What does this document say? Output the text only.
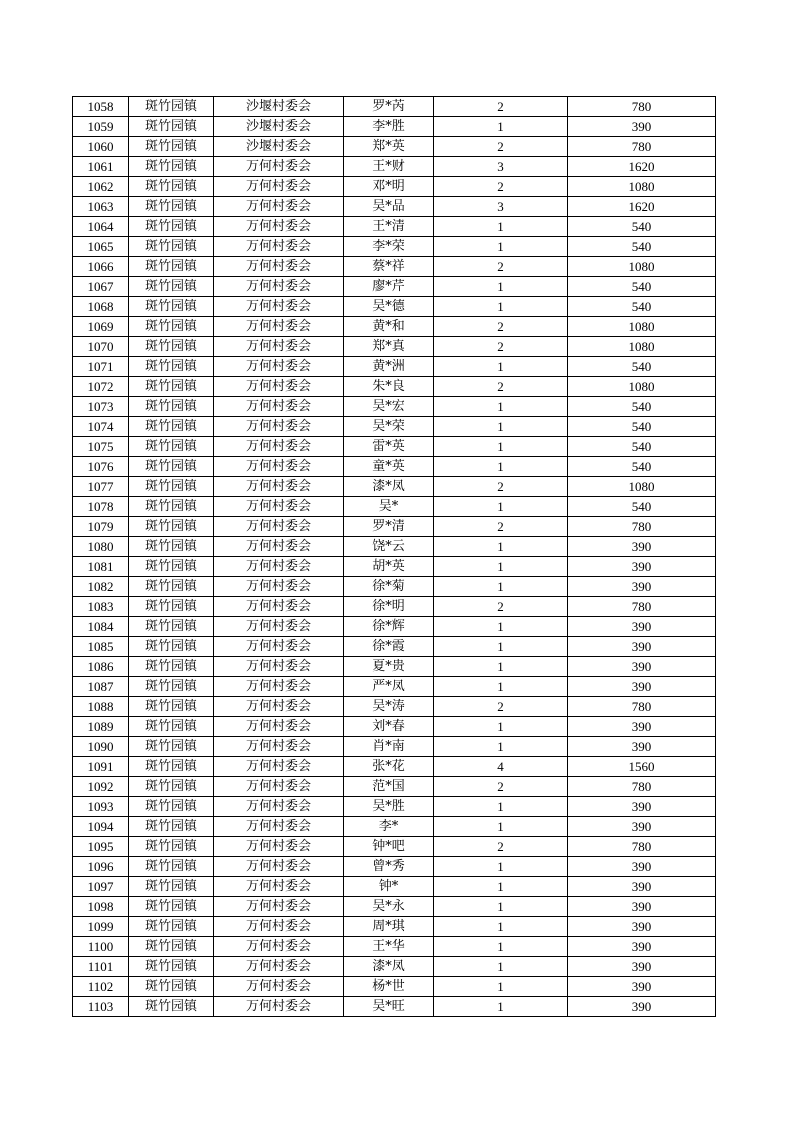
1058	斑竹园镇	沙堰村委会	罗*芮	2	780
1059	斑竹园镇	沙堰村委会	李*胜	1	390
1060	斑竹园镇	沙堰村委会	郑*英	2	780
1061	斑竹园镇	万何村委会	王*财	3	1620
1062	斑竹园镇	万何村委会	邓*明	2	1080
1063	斑竹园镇	万何村委会	吴*品	3	1620
1064	斑竹园镇	万何村委会	王*清	1	540
1065	斑竹园镇	万何村委会	李*荣	1	540
1066	斑竹园镇	万何村委会	蔡*祥	2	1080
1067	斑竹园镇	万何村委会	廖*芹	1	540
1068	斑竹园镇	万何村委会	吴*德	1	540
1069	斑竹园镇	万何村委会	黄*和	2	1080
1070	斑竹园镇	万何村委会	郑*真	2	1080
1071	斑竹园镇	万何村委会	黄*洲	1	540
1072	斑竹园镇	万何村委会	朱*良	2	1080
1073	斑竹园镇	万何村委会	吴*宏	1	540
1074	斑竹园镇	万何村委会	吴*荣	1	540
1075	斑竹园镇	万何村委会	雷*英	1	540
1076	斑竹园镇	万何村委会	童*英	1	540
1077	斑竹园镇	万何村委会	漆*凤	2	1080
1078	斑竹园镇	万何村委会	吴*	1	540
1079	斑竹园镇	万何村委会	罗*清	2	780
1080	斑竹园镇	万何村委会	饶*云	1	390
1081	斑竹园镇	万何村委会	胡*英	1	390
1082	斑竹园镇	万何村委会	徐*菊	1	390
1083	斑竹园镇	万何村委会	徐*明	2	780
1084	斑竹园镇	万何村委会	徐*辉	1	390
1085	斑竹园镇	万何村委会	徐*霞	1	390
1086	斑竹园镇	万何村委会	夏*贵	1	390
1087	斑竹园镇	万何村委会	严*凤	1	390
1088	斑竹园镇	万何村委会	吴*涛	2	780
1089	斑竹园镇	万何村委会	刘*春	1	390
1090	斑竹园镇	万何村委会	肖*南	1	390
1091	斑竹园镇	万何村委会	张*花	4	1560
1092	斑竹园镇	万何村委会	范*国	2	780
1093	斑竹园镇	万何村委会	吴*胜	1	390
1094	斑竹园镇	万何村委会	李*	1	390
1095	斑竹园镇	万何村委会	钟*吧	2	780
1096	斑竹园镇	万何村委会	曾*秀	1	390
1097	斑竹园镇	万何村委会	钟*	1	390
1098	斑竹园镇	万何村委会	吴*永	1	390
1099	斑竹园镇	万何村委会	周*琪	1	390
1100	斑竹园镇	万何村委会	王*华	1	390
1101	斑竹园镇	万何村委会	漆*凤	1	390
1102	斑竹园镇	万何村委会	杨*世	1	390
1103	斑竹园镇	万何村委会	吴*旺	1	390
